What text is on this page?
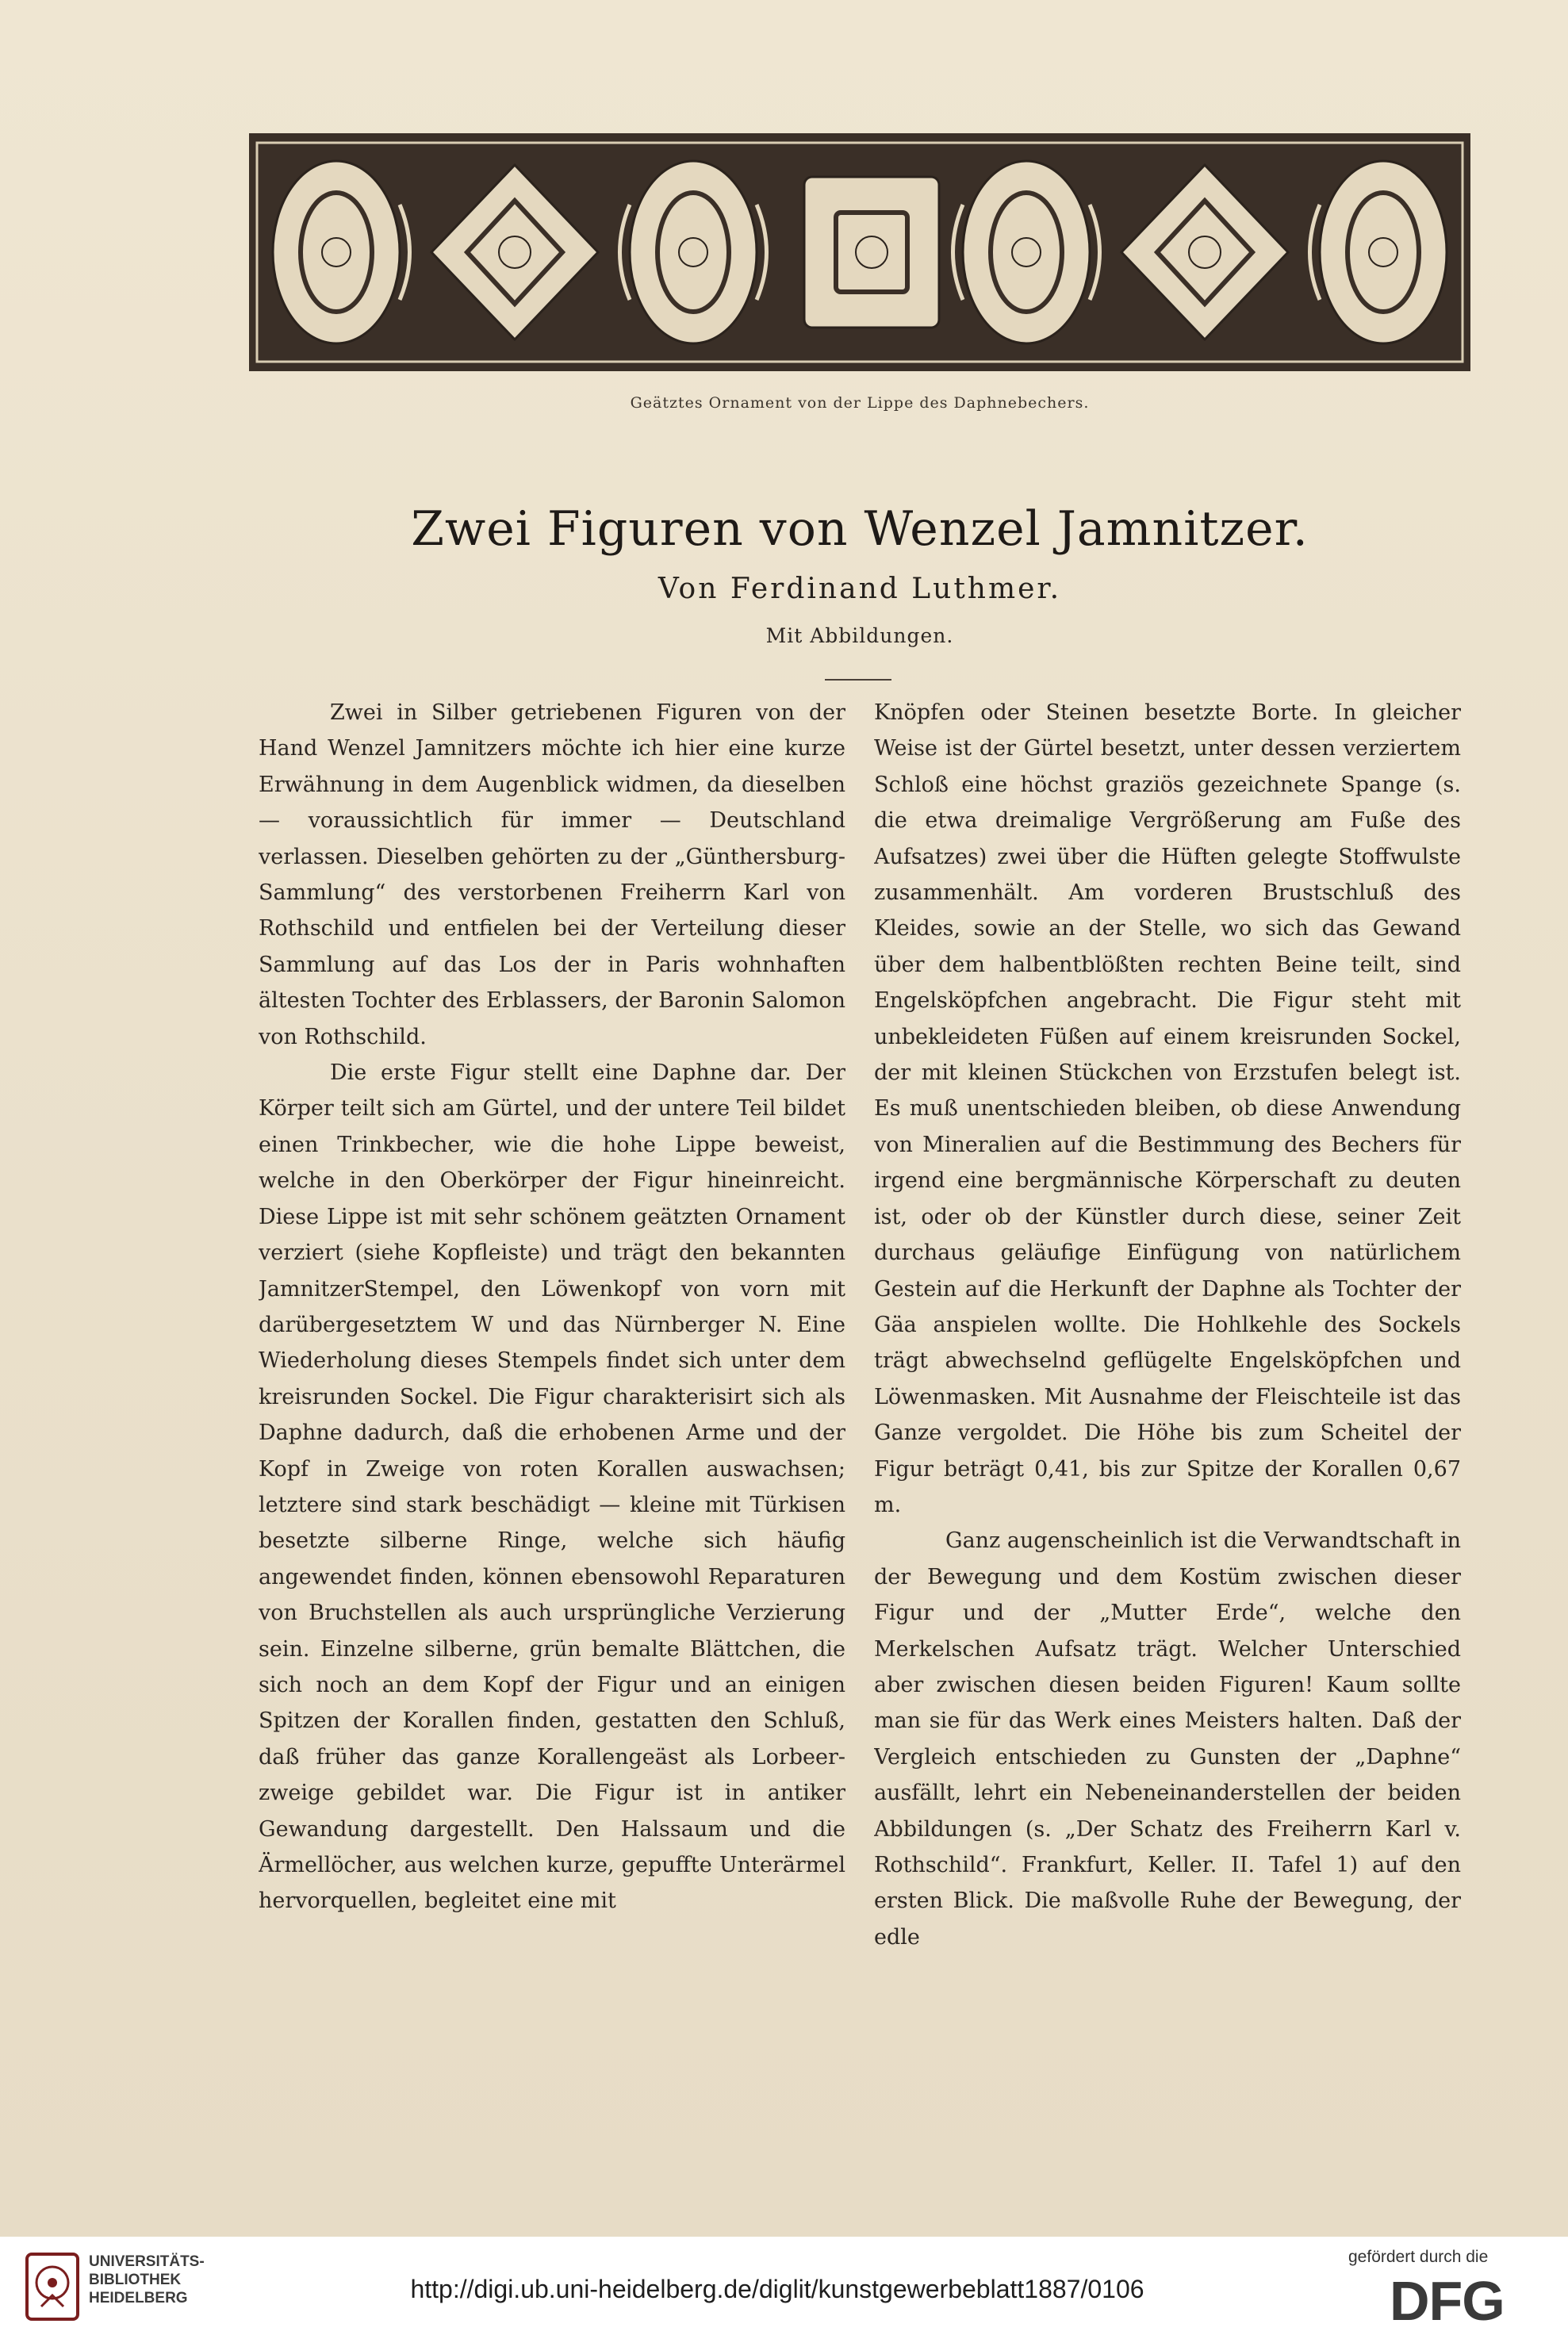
Geätztes Ornament von der Lippe des Daphnebechers.
Zwei Figuren von Wenzel Jamnitzer.
Von Ferdinand Luthmer.
Mit Abbildungen.

Zwei in Silber getriebenen Figuren von der Hand Wenzel Jamnitzers möchte ich hier eine kurze Erwähnung in dem Augenblick widmen, da dieselben — voraussichtlich für immer — Deutschland verlassen. Dieselben gehörten zu der „Günthersburg-Sammlung“ des verstorbenen Freiherrn Karl von Rothschild und entfielen bei der Verteilung dieser Sammlung auf das Los der in Paris wohnhaften ältesten Tochter des Erblassers, der Baronin Salomon von Rothschild.

Die erste Figur stellt eine Daphne dar. Der Körper teilt sich am Gürtel, und der untere Teil bildet einen Trinkbecher, wie die hohe Lippe beweist, welche in den Oberkörper der Figur hineinreicht. Diese Lippe ist mit sehr schönem geätzten Ornament verziert (siehe Kopfleiste) und trägt den bekannten JamnitzerStempel, den Löwenkopf von vorn mit darübergesetztem W und das Nürnberger N. Eine Wiederholung dieses Stempels findet sich unter dem kreisrunden Sockel. Die Figur charakterisirt sich als Daphne dadurch, daß die erhobenen Arme und der Kopf in Zweige von roten Korallen auswachsen; letztere sind stark beschädigt — kleine mit Türkisen besetzte silberne Ringe, welche sich häufig angewendet finden, können ebensowohl Reparaturen von Bruchstellen als auch ursprüngliche Verzierung sein. Einzelne silberne, grün bemalte Blättchen, die sich noch an dem Kopf der Figur und an einigen Spitzen der Korallen finden, gestatten den Schluß, daß früher das ganze Korallengeäst als Lorbeerzweige gebildet war. Die Figur ist in antiker Gewandung dargestellt. Den Halssaum und die Ärmellöcher, aus welchen kurze, gepuffte Unterärmel hervorquellen, begleitet eine mit

Knöpfen oder Steinen besetzte Borte. In gleicher Weise ist der Gürtel besetzt, unter dessen verziertem Schloß eine höchst graziös gezeichnete Spange (s. die etwa dreimalige Vergrößerung am Fuße des Aufsatzes) zwei über die Hüften gelegte Stoffwulste zusammenhält. Am vorderen Brustschluß des Kleides, sowie an der Stelle, wo sich das Gewand über dem halbentblößten rechten Beine teilt, sind Engelsköpfchen angebracht. Die Figur steht mit unbekleideten Füßen auf einem kreisrunden Sockel, der mit kleinen Stückchen von Erzstufen belegt ist. Es muß unentschieden bleiben, ob diese Anwendung von Mineralien auf die Bestimmung des Bechers für irgend eine bergmännische Körperschaft zu deuten ist, oder ob der Künstler durch diese, seiner Zeit durchaus geläufige Einfügung von natürlichem Gestein auf die Herkunft der Daphne als Tochter der Gäa anspielen wollte. Die Hohlkehle des Sockels trägt abwechselnd geflügelte Engelsköpfchen und Löwenmasken. Mit Ausnahme der Fleischteile ist das Ganze vergoldet. Die Höhe bis zum Scheitel der Figur beträgt 0,41, bis zur Spitze der Korallen 0,67 m.

Ganz augenscheinlich ist die Verwandtschaft in der Bewegung und dem Kostüm zwischen dieser Figur und der „Mutter Erde“, welche den Merkelschen Aufsatz trägt. Welcher Unterschied aber zwischen diesen beiden Figuren! Kaum sollte man sie für das Werk eines Meisters halten. Daß der Vergleich entschieden zu Gunsten der „Daphne“ ausfällt, lehrt ein Nebeneinanderstellen der beiden Abbildungen (s. „Der Schatz des Freiherrn Karl v. Rothschild“. Frankfurt, Keller. II. Tafel 1) auf den ersten Blick. Die maßvolle Ruhe der Bewegung, der edle

UNIVERSITÄTS-
BIBLIOTHEK
HEIDELBERG	http://digi.ub.uni-heidelberg.de/diglit/kunstgewerbeblatt1887/0106
gefördert durch die
DFG
